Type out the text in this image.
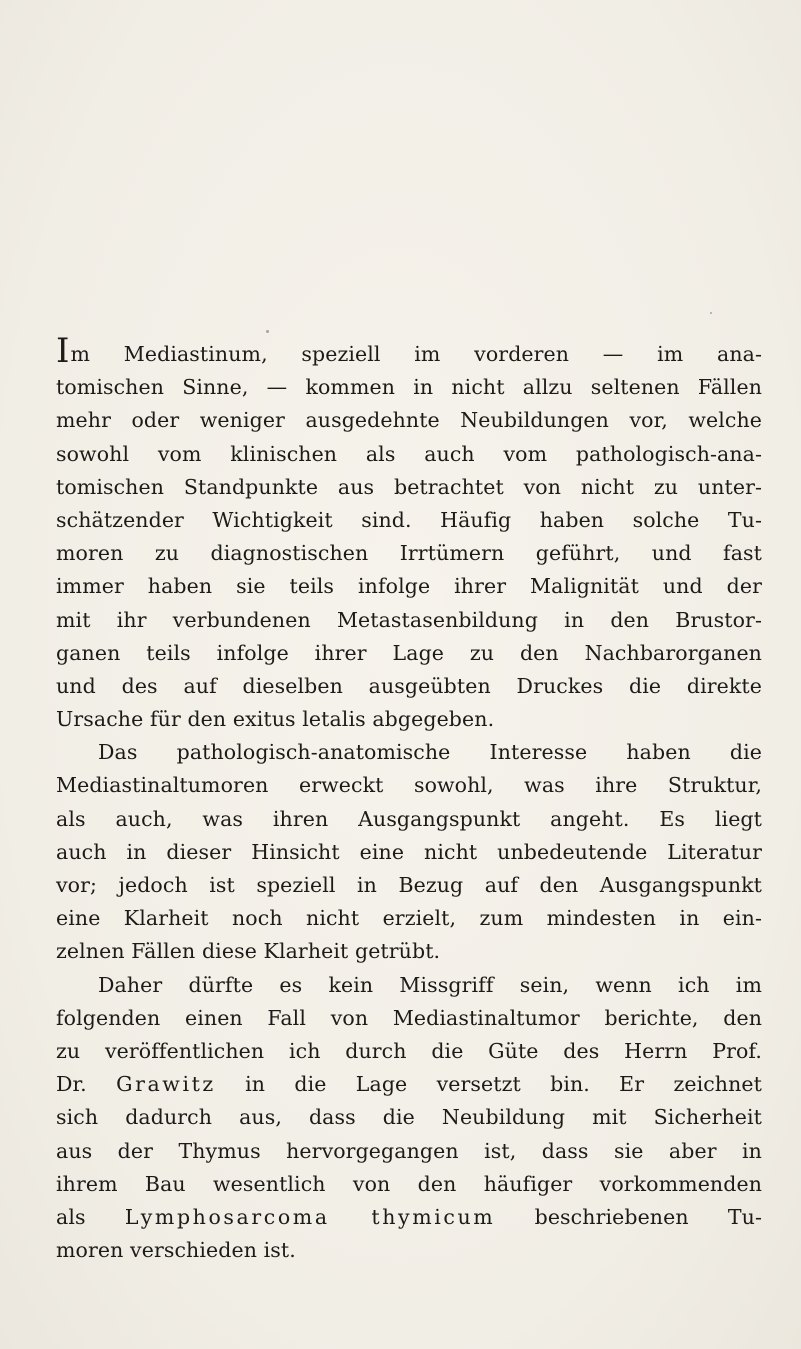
Im Mediastinum, speziell im vorderen — im ana-
tomischen Sinne, — kommen in nicht allzu seltenen Fällen
mehr oder weniger ausgedehnte Neubildungen vor, welche
sowohl vom klinischen als auch vom pathologisch-ana-
tomischen Standpunkte aus betrachtet von nicht zu unter-
schätzender Wichtigkeit sind. Häufig haben solche Tu-
moren zu diagnostischen Irrtümern geführt, und fast
immer haben sie teils infolge ihrer Malignität und der
mit ihr verbundenen Metastasenbildung in den Brustor-
ganen teils infolge ihrer Lage zu den Nachbarorganen
und des auf dieselben ausgeübten Druckes die direkte
Ursache für den exitus letalis abgegeben.
Das pathologisch-anatomische Interesse haben die
Mediastinaltumoren erweckt sowohl, was ihre Struktur,
als auch, was ihren Ausgangspunkt angeht. Es liegt
auch in dieser Hinsicht eine nicht unbedeutende Literatur
vor; jedoch ist speziell in Bezug auf den Ausgangspunkt
eine Klarheit noch nicht erzielt, zum mindesten in ein-
zelnen Fällen diese Klarheit getrübt.
Daher dürfte es kein Missgriff sein, wenn ich im
folgenden einen Fall von Mediastinaltumor berichte, den
zu veröffentlichen ich durch die Güte des Herrn Prof.
Dr. Grawitz in die Lage versetzt bin. Er zeichnet
sich dadurch aus, dass die Neubildung mit Sicherheit
aus der Thymus hervorgegangen ist, dass sie aber in
ihrem Bau wesentlich von den häufiger vorkommenden
als Lymphosarcoma thymicum beschriebenen Tu-
moren verschieden ist.
